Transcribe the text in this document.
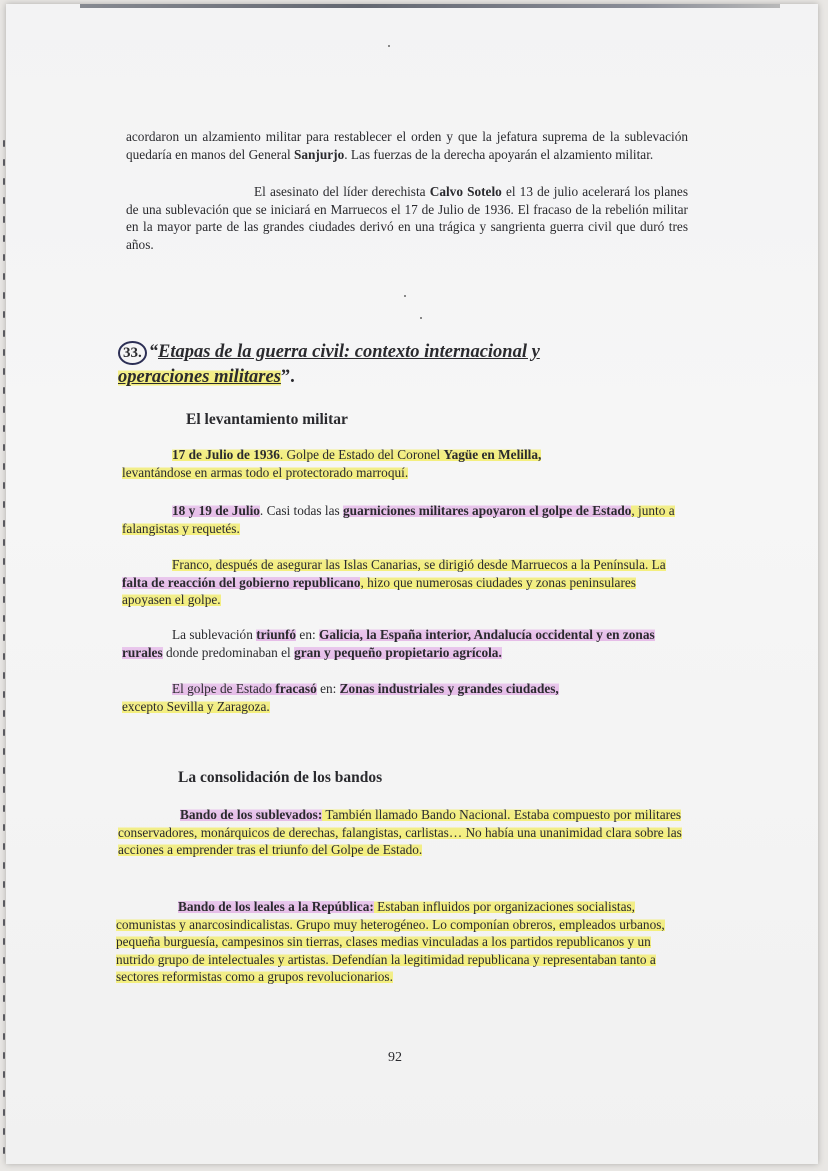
acordaron un alzamiento militar para restablecer el orden y que la jefatura suprema de la sublevación quedaría en manos del General Sanjurjo. Las fuerzas de la derecha apoyarán el alzamiento militar.
El asesinato del líder derechista Calvo Sotelo el 13 de julio acelerará los planes de una sublevación que se iniciará en Marruecos el 17 de Julio de 1936. El fracaso de la rebelión militar en la mayor parte de las grandes ciudades derivó en una trágica y sangrienta guerra civil que duró tres años.
33. “Etapas de la guerra civil: contexto internacional y
operaciones militares”.
El levantamiento militar
17 de Julio de 1936. Golpe de Estado del Coronel Yagüe en Melilla,
levantándose en armas todo el protectorado marroquí.
18 y 19 de Julio. Casi todas las guarniciones militares apoyaron el golpe de Estado, junto a falangistas y requetés.
Franco, después de asegurar las Islas Canarias, se dirigió desde Marruecos a la Península. La falta de reacción del gobierno republicano, hizo que numerosas ciudades y zonas peninsulares apoyasen el golpe.
La sublevación triunfó en: Galicia, la España interior, Andalucía occidental y en zonas rurales donde predominaban el gran y pequeño propietario agrícola.
El golpe de Estado fracasó en: Zonas industriales y grandes ciudades,
excepto Sevilla y Zaragoza.
La consolidación de los bandos
Bando de los sublevados: También llamado Bando Nacional. Estaba compuesto por militares conservadores, monárquicos de derechas, falangistas, carlistas… No había una unanimidad clara sobre las acciones a emprender tras el triunfo del Golpe de Estado.
Bando de los leales a la República: Estaban influidos por organizaciones socialistas, comunistas y anarcosindicalistas. Grupo muy heterogéneo. Lo componían obreros, empleados urbanos, pequeña burguesía, campesinos sin tierras, clases medias vinculadas a los partidos republicanos y un nutrido grupo de intelectuales y artistas. Defendían la legitimidad republicana y representaban tanto a sectores reformistas como a grupos revolucionarios.
92
